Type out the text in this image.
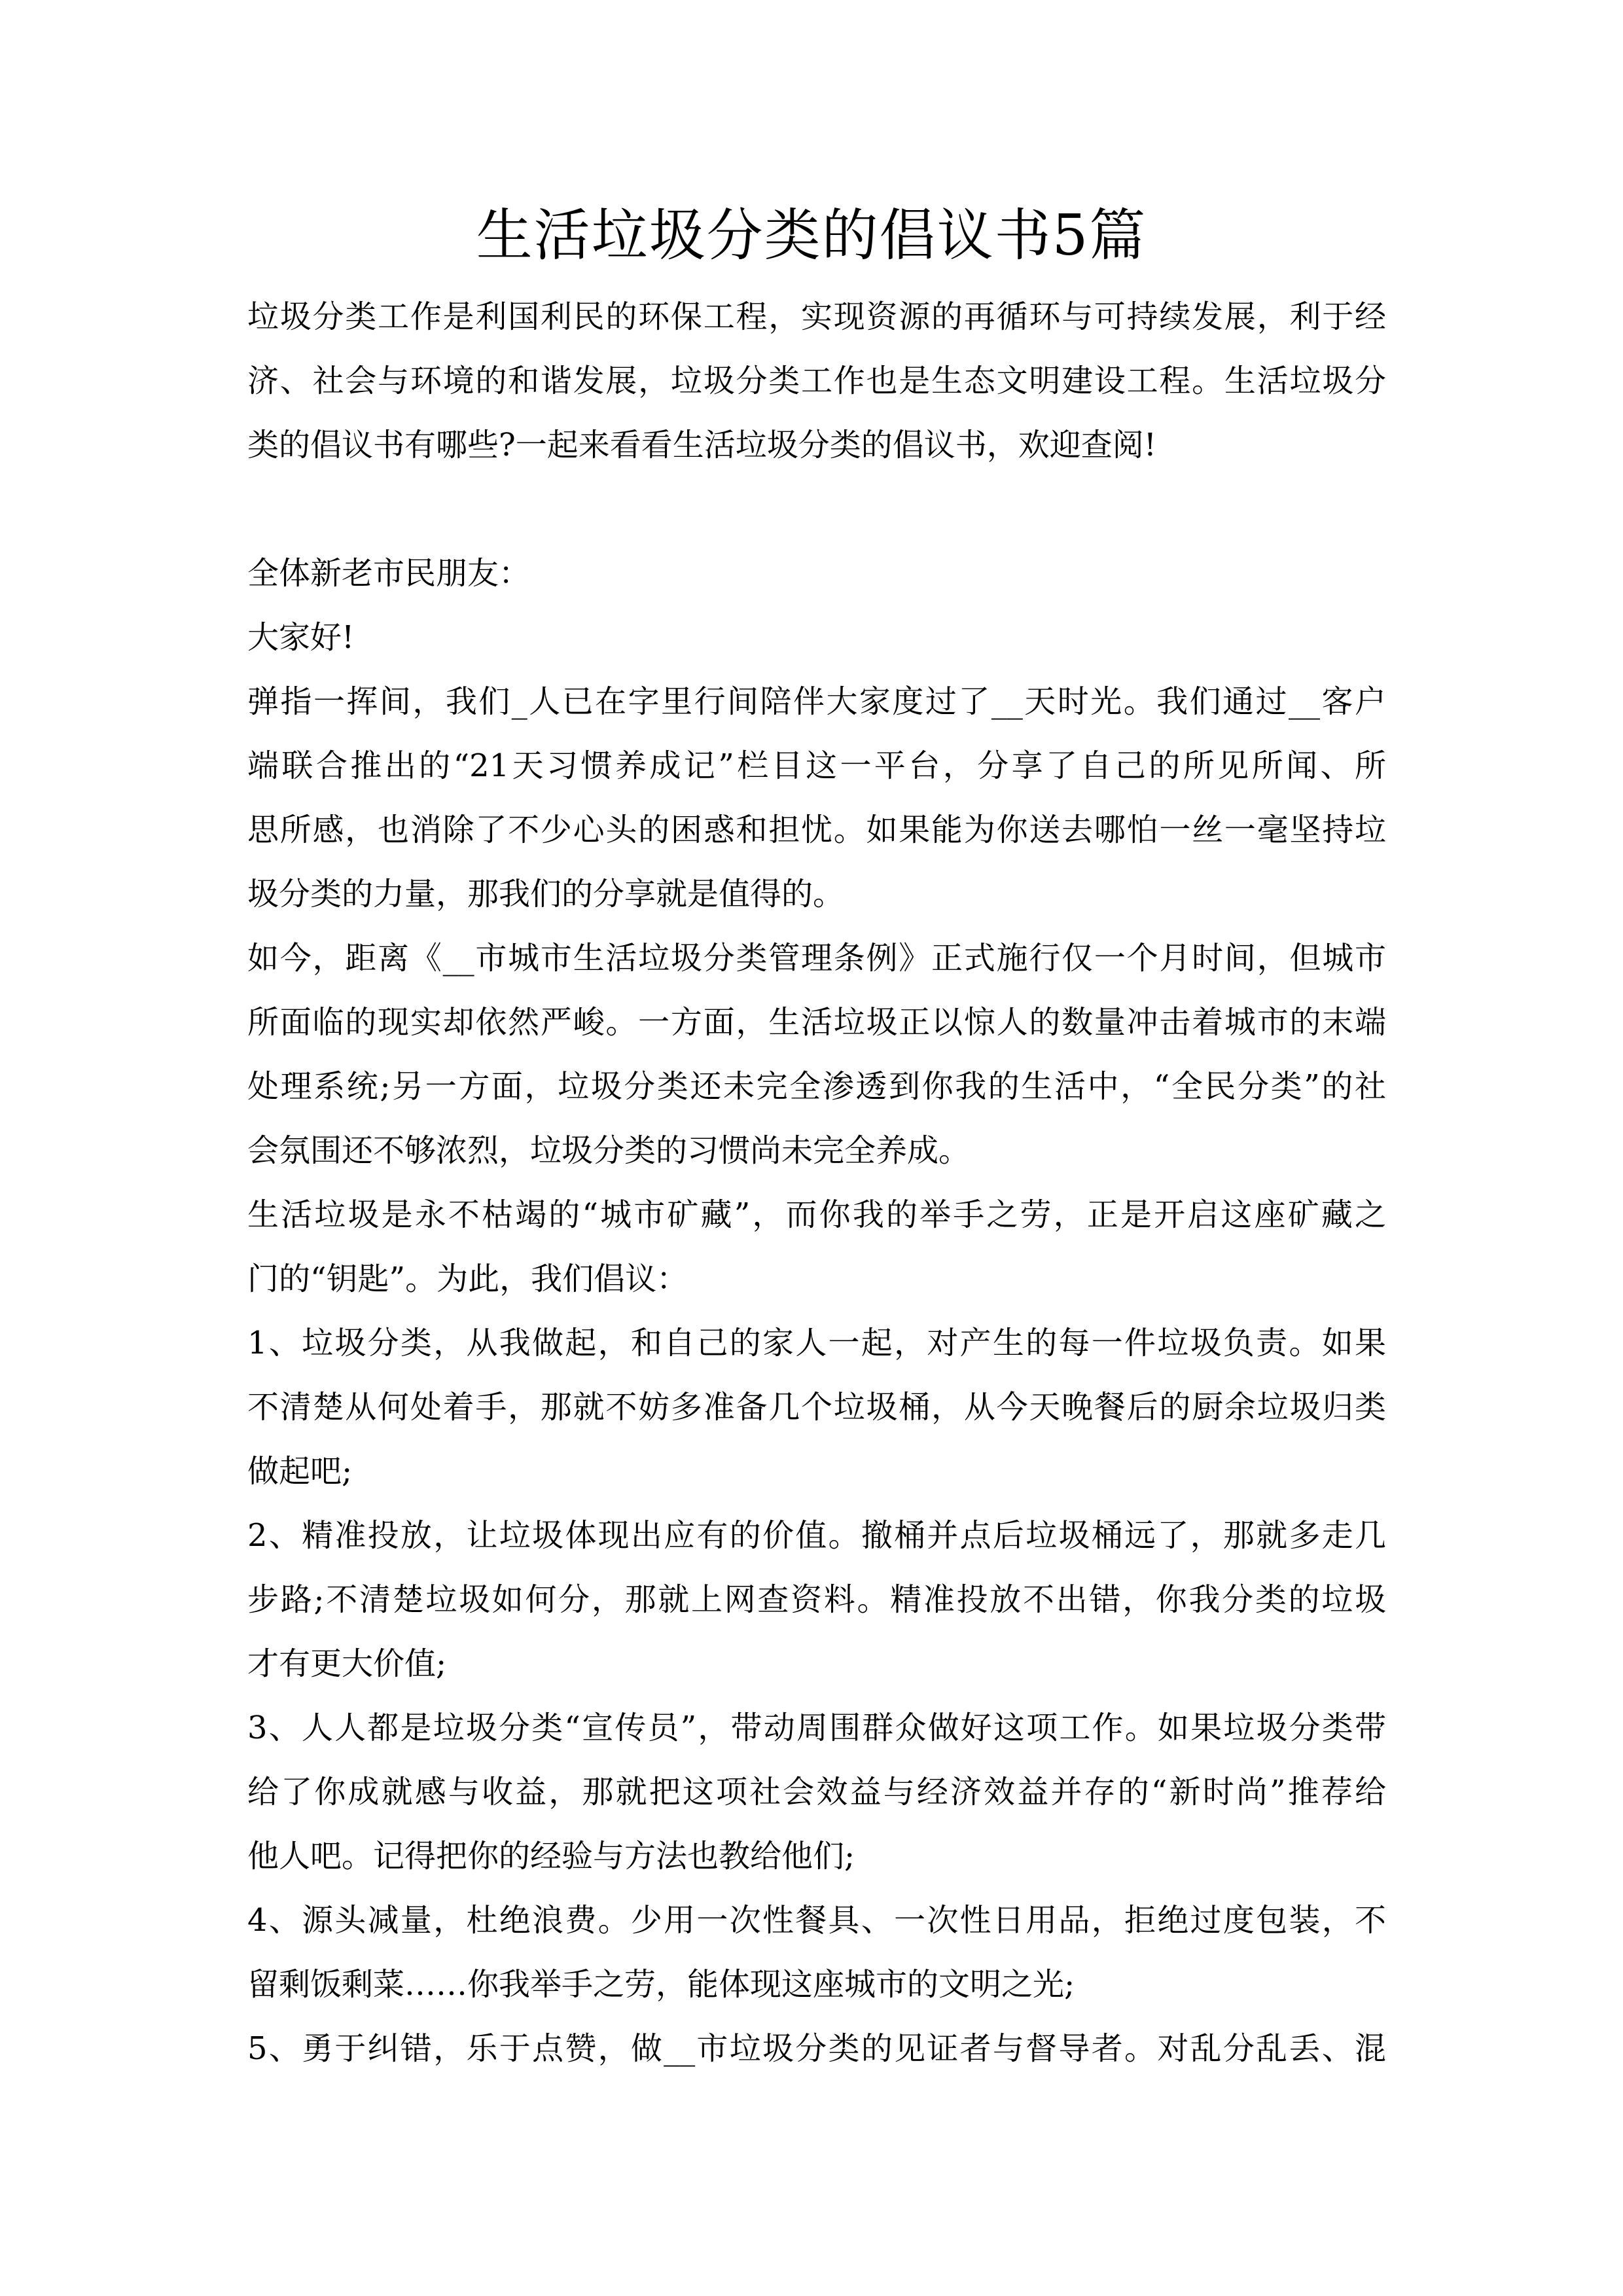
生活垃圾分类的倡议书5篇
垃圾分类工作是利国利民的环保工程，实现资源的再循环与可持续发展，利于经
济、社会与环境的和谐发展，垃圾分类工作也是生态文明建设工程。生活垃圾分
类的倡议书有哪些?一起来看看生活垃圾分类的倡议书，欢迎查阅!
全体新老市民朋友：
大家好!
弹指一挥间，我们_人已在字里行间陪伴大家度过了__天时光。我们通过__客户
端联合推出的“21天习惯养成记”栏目这一平台，分享了自己的所见所闻、所
思所感，也消除了不少心头的困惑和担忧。如果能为你送去哪怕一丝一毫坚持垃
圾分类的力量，那我们的分享就是值得的。
如今，距离《__市城市生活垃圾分类管理条例》正式施行仅一个月时间，但城市
所面临的现实却依然严峻。一方面，生活垃圾正以惊人的数量冲击着城市的末端
处理系统;另一方面，垃圾分类还未完全渗透到你我的生活中，“全民分类”的社
会氛围还不够浓烈，垃圾分类的习惯尚未完全养成。
生活垃圾是永不枯竭的“城市矿藏”，而你我的举手之劳，正是开启这座矿藏之
门的“钥匙”。为此，我们倡议：
1、垃圾分类，从我做起，和自己的家人一起，对产生的每一件垃圾负责。如果
不清楚从何处着手，那就不妨多准备几个垃圾桶，从今天晚餐后的厨余垃圾归类
做起吧;
2、精准投放，让垃圾体现出应有的价值。撤桶并点后垃圾桶远了，那就多走几
步路;不清楚垃圾如何分，那就上网查资料。精准投放不出错，你我分类的垃圾
才有更大价值;
3、人人都是垃圾分类“宣传员”，带动周围群众做好这项工作。如果垃圾分类带
给了你成就感与收益，那就把这项社会效益与经济效益并存的“新时尚”推荐给
他人吧。记得把你的经验与方法也教给他们;
4、源头减量，杜绝浪费。少用一次性餐具、一次性日用品，拒绝过度包装，不
留剩饭剩菜……你我举手之劳，能体现这座城市的文明之光;
5、勇于纠错，乐于点赞，做__市垃圾分类的见证者与督导者。对乱分乱丢、混
